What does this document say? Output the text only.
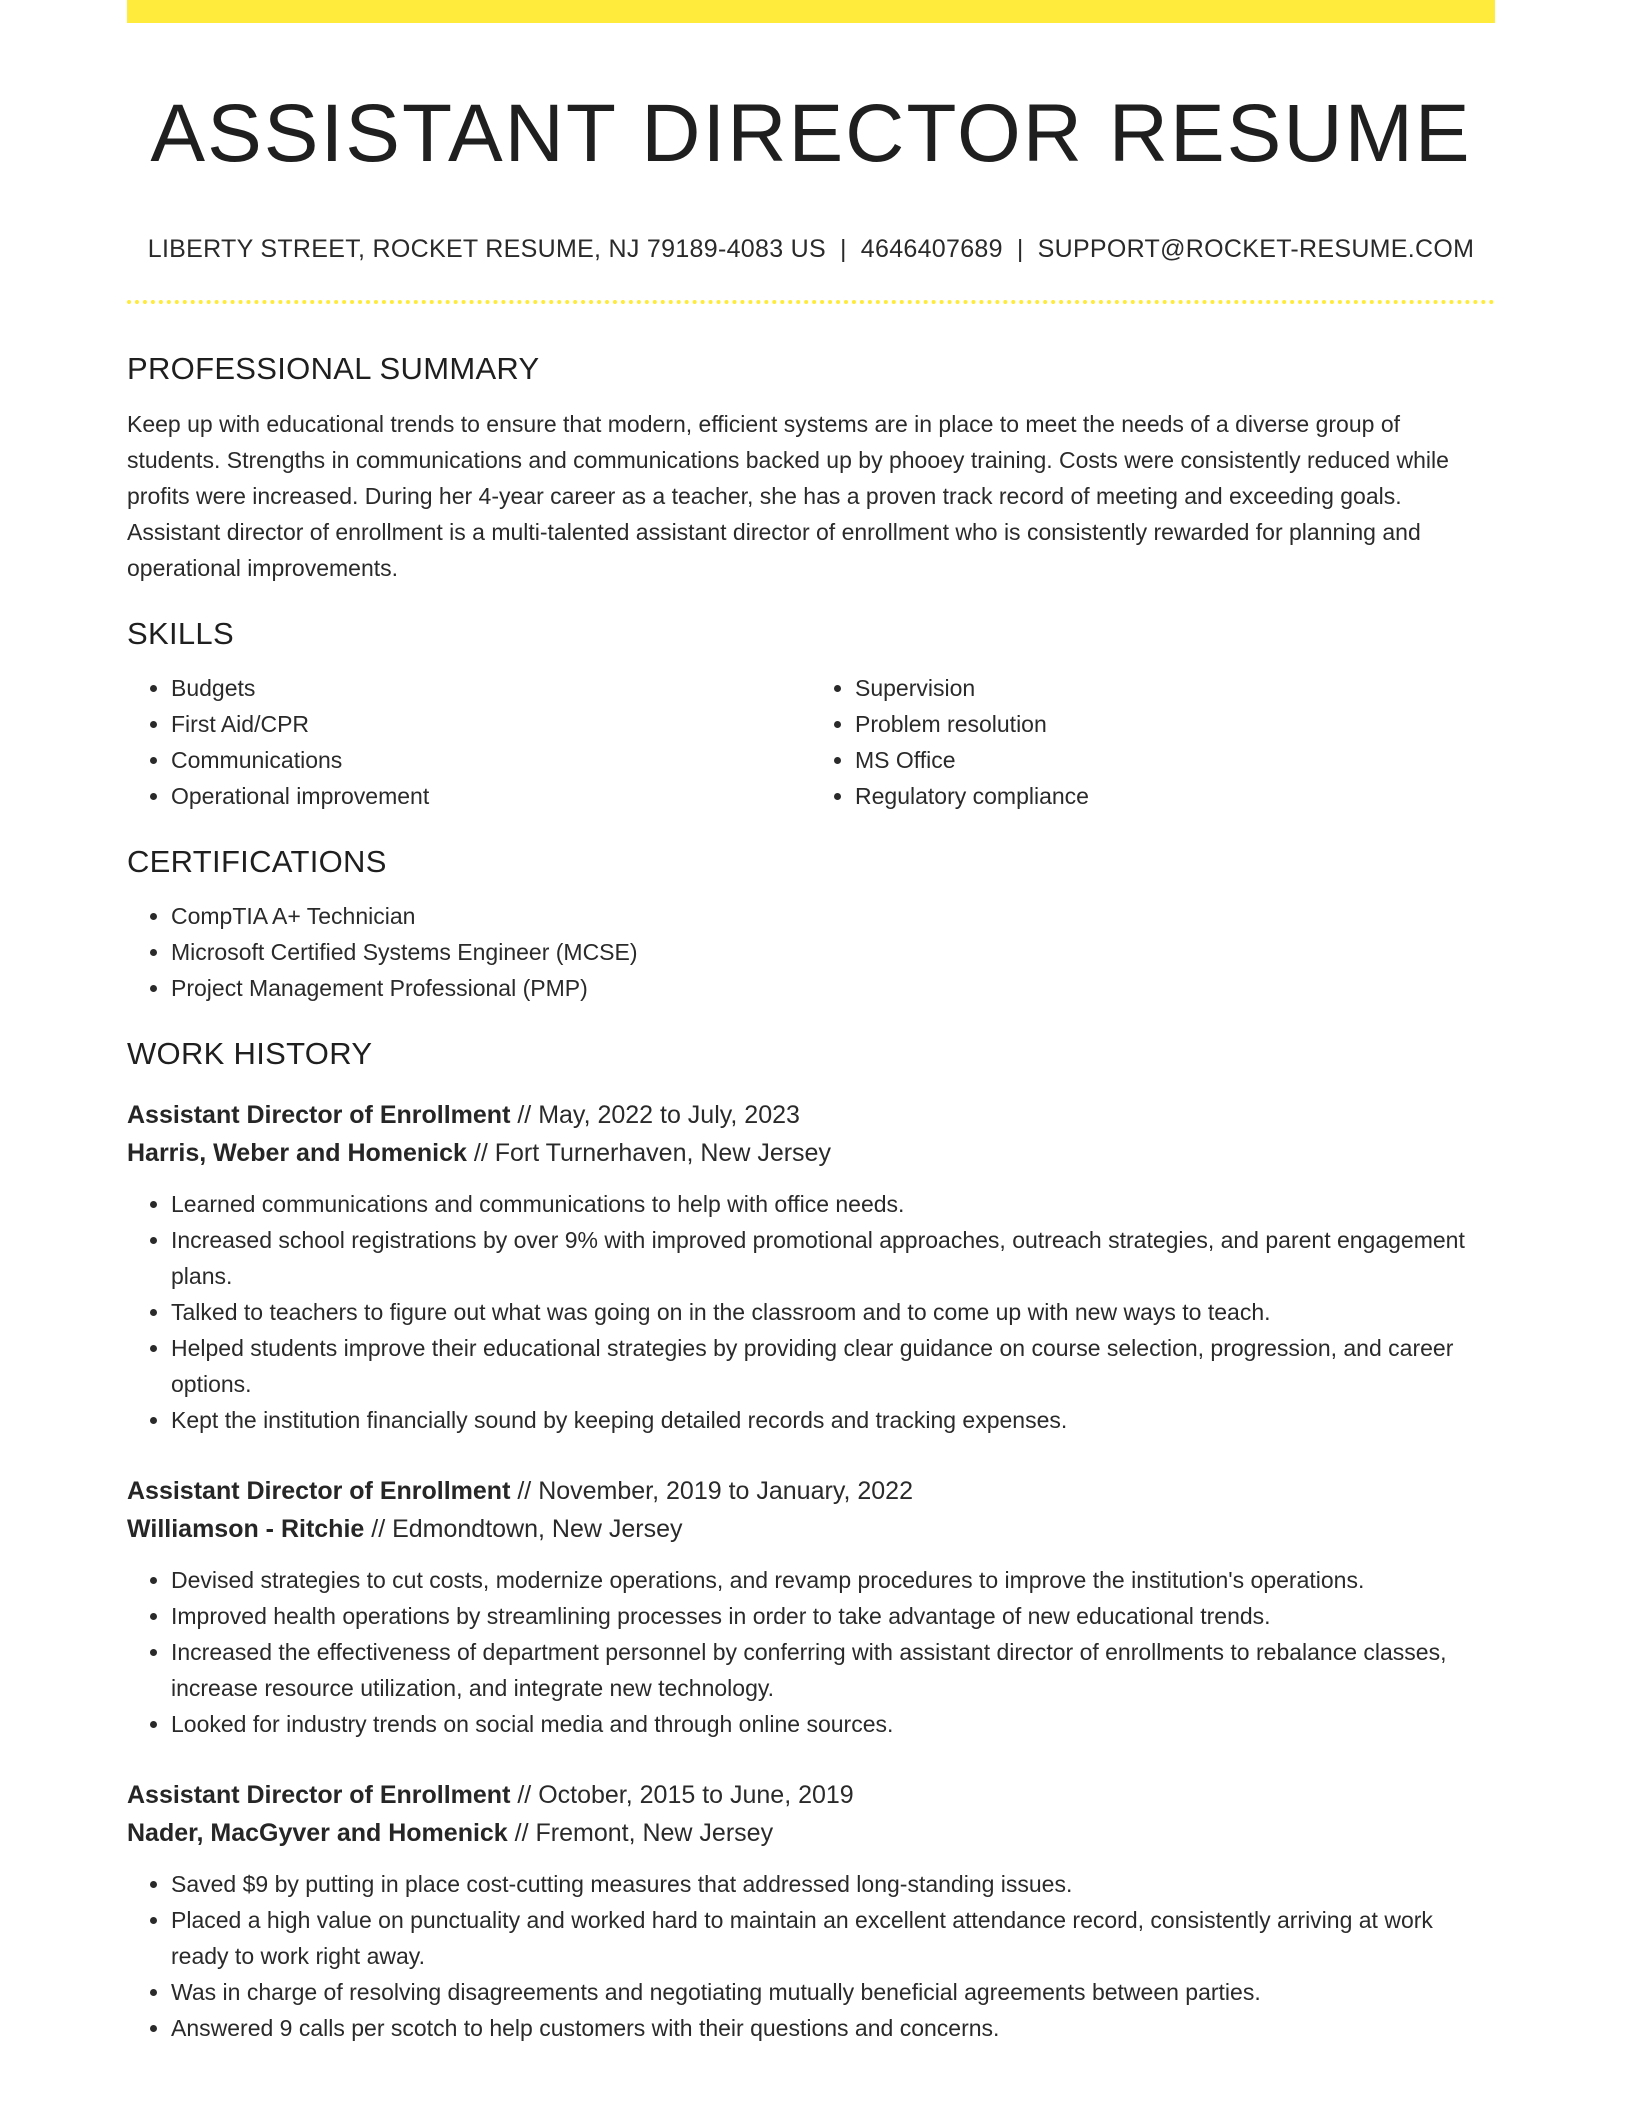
ASSISTANT DIRECTOR RESUME
LIBERTY STREET, ROCKET RESUME, NJ 79189-4083 US | 4646407689 | SUPPORT@ROCKET-RESUME.COM
PROFESSIONAL SUMMARY
Keep up with educational trends to ensure that modern, efficient systems are in place to meet the needs of a diverse group of students. Strengths in communications and communications backed up by phooey training. Costs were consistently reduced while profits were increased. During her 4-year career as a teacher, she has a proven track record of meeting and exceeding goals. Assistant director of enrollment is a multi-talented assistant director of enrollment who is consistently rewarded for planning and operational improvements.
SKILLS
• Budgets
• First Aid/CPR
• Communications
• Operational improvement
• Supervision
• Problem resolution
• MS Office
• Regulatory compliance
CERTIFICATIONS
• CompTIA A+ Technician
• Microsoft Certified Systems Engineer (MCSE)
• Project Management Professional (PMP)
WORK HISTORY
Assistant Director of Enrollment // May, 2022 to July, 2023
Harris, Weber and Homenick // Fort Turnerhaven, New Jersey
• Learned communications and communications to help with office needs.
• Increased school registrations by over 9% with improved promotional approaches, outreach strategies, and parent engagement plans.
• Talked to teachers to figure out what was going on in the classroom and to come up with new ways to teach.
• Helped students improve their educational strategies by providing clear guidance on course selection, progression, and career options.
• Kept the institution financially sound by keeping detailed records and tracking expenses.
Assistant Director of Enrollment // November, 2019 to January, 2022
Williamson - Ritchie // Edmondtown, New Jersey
• Devised strategies to cut costs, modernize operations, and revamp procedures to improve the institution's operations.
• Improved health operations by streamlining processes in order to take advantage of new educational trends.
• Increased the effectiveness of department personnel by conferring with assistant director of enrollments to rebalance classes, increase resource utilization, and integrate new technology.
• Looked for industry trends on social media and through online sources.
Assistant Director of Enrollment // October, 2015 to June, 2019
Nader, MacGyver and Homenick // Fremont, New Jersey
• Saved $9 by putting in place cost-cutting measures that addressed long-standing issues.
• Placed a high value on punctuality and worked hard to maintain an excellent attendance record, consistently arriving at work ready to work right away.
• Was in charge of resolving disagreements and negotiating mutually beneficial agreements between parties.
• Answered 9 calls per scotch to help customers with their questions and concerns.
